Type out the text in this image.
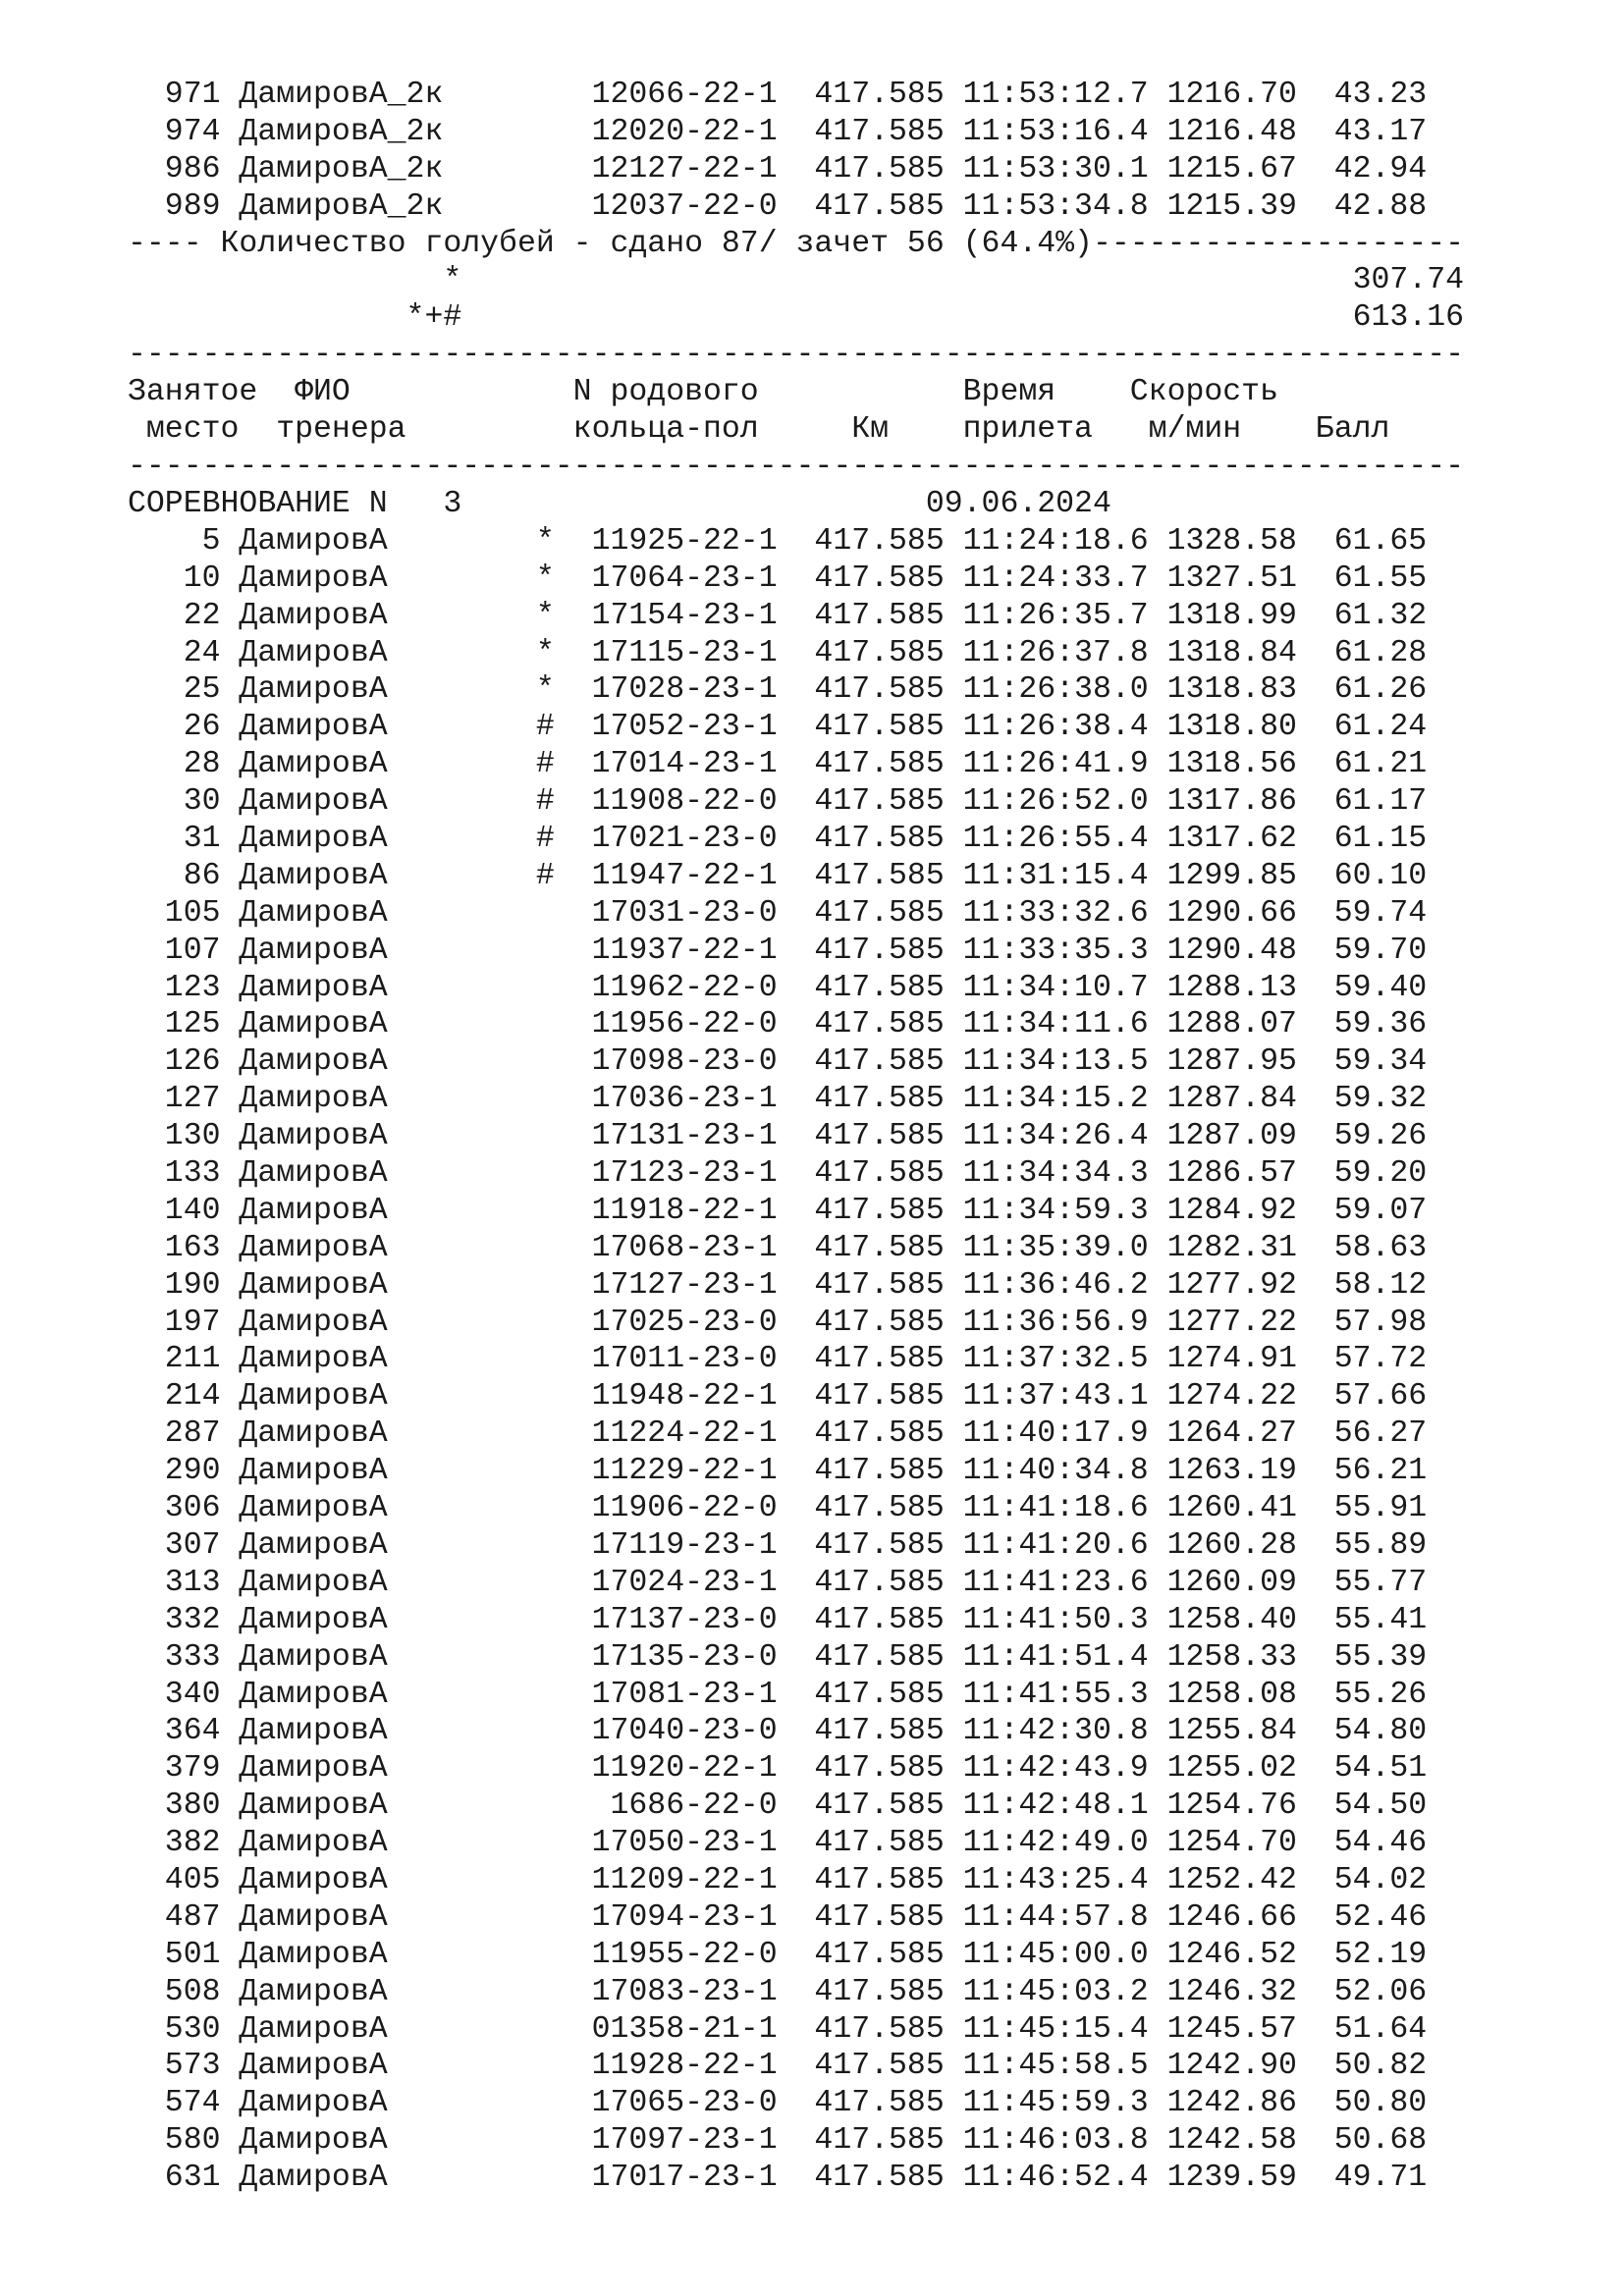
971 ДамировА_2к        12066-22-1  417.585 11:53:12.7 1216.70  43.23
974 ДамировА_2к        12020-22-1  417.585 11:53:16.4 1216.48  43.17
986 ДамировА_2к        12127-22-1  417.585 11:53:30.1 1215.67  42.94
989 ДамировА_2к        12037-22-0  417.585 11:53:34.8 1215.39  42.88
---- Количество голубей - сдано 87/ зачет 56 (64.4%)--------------------
*                                                307.74
*+#                                                613.16
------------------------------------------------------------------------
Занятое  ФИО            N родового           Время    Скорость
место  тренера         кольца-пол     Км    прилета   м/мин    Балл
------------------------------------------------------------------------
СОРЕВНОВАНИЕ N   3                         09.06.2024
5 ДамировА        *  11925-22-1  417.585 11:24:18.6 1328.58  61.65
10 ДамировА        *  17064-23-1  417.585 11:24:33.7 1327.51  61.55
22 ДамировА        *  17154-23-1  417.585 11:26:35.7 1318.99  61.32
24 ДамировА        *  17115-23-1  417.585 11:26:37.8 1318.84  61.28
25 ДамировА        *  17028-23-1  417.585 11:26:38.0 1318.83  61.26
26 ДамировА        #  17052-23-1  417.585 11:26:38.4 1318.80  61.24
28 ДамировА        #  17014-23-1  417.585 11:26:41.9 1318.56  61.21
30 ДамировА        #  11908-22-0  417.585 11:26:52.0 1317.86  61.17
31 ДамировА        #  17021-23-0  417.585 11:26:55.4 1317.62  61.15
86 ДамировА        #  11947-22-1  417.585 11:31:15.4 1299.85  60.10
105 ДамировА           17031-23-0  417.585 11:33:32.6 1290.66  59.74
107 ДамировА           11937-22-1  417.585 11:33:35.3 1290.48  59.70
123 ДамировА           11962-22-0  417.585 11:34:10.7 1288.13  59.40
125 ДамировА           11956-22-0  417.585 11:34:11.6 1288.07  59.36
126 ДамировА           17098-23-0  417.585 11:34:13.5 1287.95  59.34
127 ДамировА           17036-23-1  417.585 11:34:15.2 1287.84  59.32
130 ДамировА           17131-23-1  417.585 11:34:26.4 1287.09  59.26
133 ДамировА           17123-23-1  417.585 11:34:34.3 1286.57  59.20
140 ДамировА           11918-22-1  417.585 11:34:59.3 1284.92  59.07
163 ДамировА           17068-23-1  417.585 11:35:39.0 1282.31  58.63
190 ДамировА           17127-23-1  417.585 11:36:46.2 1277.92  58.12
197 ДамировА           17025-23-0  417.585 11:36:56.9 1277.22  57.98
211 ДамировА           17011-23-0  417.585 11:37:32.5 1274.91  57.72
214 ДамировА           11948-22-1  417.585 11:37:43.1 1274.22  57.66
287 ДамировА           11224-22-1  417.585 11:40:17.9 1264.27  56.27
290 ДамировА           11229-22-1  417.585 11:40:34.8 1263.19  56.21
306 ДамировА           11906-22-0  417.585 11:41:18.6 1260.41  55.91
307 ДамировА           17119-23-1  417.585 11:41:20.6 1260.28  55.89
313 ДамировА           17024-23-1  417.585 11:41:23.6 1260.09  55.77
332 ДамировА           17137-23-0  417.585 11:41:50.3 1258.40  55.41
333 ДамировА           17135-23-0  417.585 11:41:51.4 1258.33  55.39
340 ДамировА           17081-23-1  417.585 11:41:55.3 1258.08  55.26
364 ДамировА           17040-23-0  417.585 11:42:30.8 1255.84  54.80
379 ДамировА           11920-22-1  417.585 11:42:43.9 1255.02  54.51
380 ДамировА            1686-22-0  417.585 11:42:48.1 1254.76  54.50
382 ДамировА           17050-23-1  417.585 11:42:49.0 1254.70  54.46
405 ДамировА           11209-22-1  417.585 11:43:25.4 1252.42  54.02
487 ДамировА           17094-23-1  417.585 11:44:57.8 1246.66  52.46
501 ДамировА           11955-22-0  417.585 11:45:00.0 1246.52  52.19
508 ДамировА           17083-23-1  417.585 11:45:03.2 1246.32  52.06
530 ДамировА           01358-21-1  417.585 11:45:15.4 1245.57  51.64
573 ДамировА           11928-22-1  417.585 11:45:58.5 1242.90  50.82
574 ДамировА           17065-23-0  417.585 11:45:59.3 1242.86  50.80
580 ДамировА           17097-23-1  417.585 11:46:03.8 1242.58  50.68
631 ДамировА           17017-23-1  417.585 11:46:52.4 1239.59  49.71
